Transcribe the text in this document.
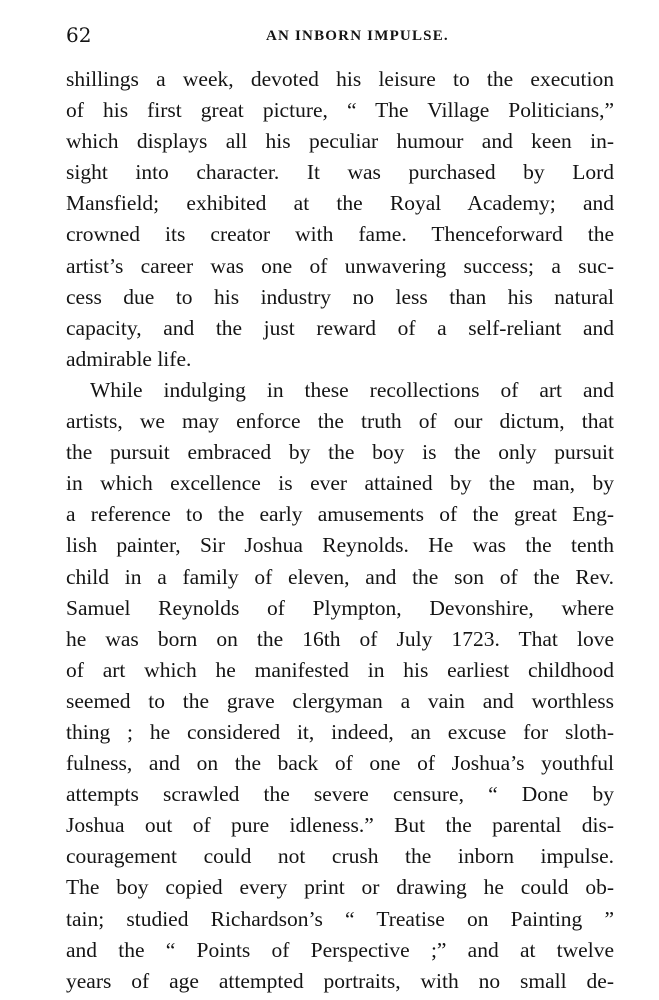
62	AN INBORN IMPULSE.
shillings a week, devoted his leisure to the execution
of his first great picture, “ The Village Politicians,”
which displays all his peculiar humour and keen in-
sight into character. It was purchased by Lord
Mansfield; exhibited at the Royal Academy; and
crowned its creator with fame. Thenceforward the
artist’s career was one of unwavering success; a suc-
cess due to his industry no less than his natural
capacity, and the just reward of a self-reliant and
admirable life.
While indulging in these recollections of art and
artists, we may enforce the truth of our dictum, that
the pursuit embraced by the boy is the only pursuit
in which excellence is ever attained by the man, by
a reference to the early amusements of the great Eng-
lish painter, Sir Joshua Reynolds. He was the tenth
child in a family of eleven, and the son of the Rev.
Samuel Reynolds of Plympton, Devonshire, where
he was born on the 16th of July 1723. That love
of art which he manifested in his earliest childhood
seemed to the grave clergyman a vain and worthless
thing ; he considered it, indeed, an excuse for sloth-
fulness, and on the back of one of Joshua’s youthful
attempts scrawled the severe censure, “ Done by
Joshua out of pure idleness.” But the parental dis-
couragement could not crush the inborn impulse.
The boy copied every print or drawing he could ob-
tain; studied Richardson’s “ Treatise on Painting ”
and the “ Points of Perspective ;” and at twelve
years of age attempted portraits, with no small de-
